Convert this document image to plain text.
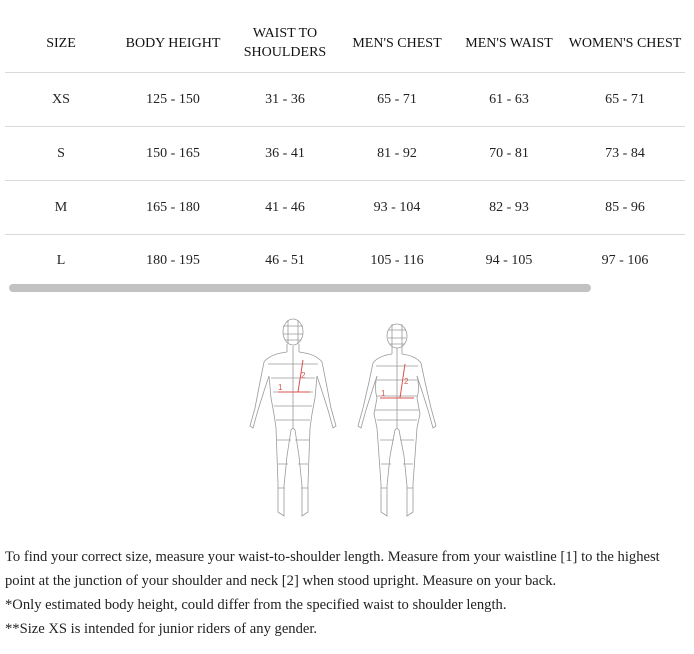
SIZE	BODY HEIGHT	WAIST TO SHOULDERS	MEN'S CHEST	MEN'S WAIST	WOMEN'S CHEST
XS	125 - 150	31 - 36	65 - 71	61 - 63	65 - 71
S	150 - 165	36 - 41	81 - 92	70 - 81	73 - 84
M	165 - 180	41 - 46	93 - 104	82 - 93	85 - 96
L	180 - 195	46 - 51	105 - 116	94 - 105	97 - 106
1
2
1
2

To find your correct size, measure your waist-to-shoulder length. Measure from your waistline [1] to the highest point at the junction of your shoulder and neck [2] when stood upright. Measure on your back.

*Only estimated body height, could differ from the specified waist to shoulder length.

**Size XS is intended for junior riders of any gender.
